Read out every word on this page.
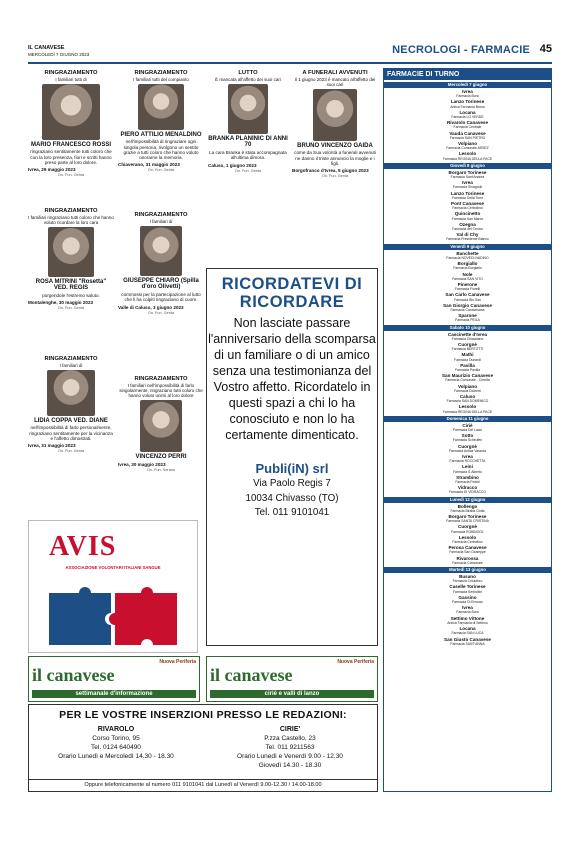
IL CANAVESE
MERCOLEDÌ 7 GIUGNO 2023	NECROLOGI - FARMACIE 45
RINGRAZIAMENTO
I familiari tutti di
MARIO FRANCESCO ROSSI
ringraziano sentitamente tutti coloro che con la loro presenza, fiori e scritti hanno preso parte al loro dolore.
Ivrea, 29 maggio 2023
On. Fun. Genta
RINGRAZIAMENTO
I familiari tutti del compianto
PIERO ATTILIO MENALDINO
nell'impossibilità di ringraziare ogni singola persona, rivolgono un sentito grazie a tutti coloro che hanno voluto onorarne la memoria.
Chiaverano, 31 maggio 2023
On. Fun. Genta
LUTTO
È mancata all'affetto dei suoi cari
BRANKA PLANINIC DI ANNI 70
La cara Branka è stata accompagnata all'ultima dimora.
Caluso, 1 giugno 2023
On. Fun. Genta
A FUNERALI AVVENUTI
Il 1 giugno 2023 è mancato all'affetto dei suoi cari
BRUNO VINCENZO GAIDA
come da Sua volontà a funerali avvenuti ne danno il triste annuncio la moglie e i figli.
Borgofranco d'Ivrea, 5 giugno 2023
On. Fun. Genta
RINGRAZIAMENTO
I familiari ringraziano tutti coloro che hanno voluto ricordare la loro cara
ROSA MITRINI "Rosetta" VED. REGIS
porgendole l'estremo saluto.
Montalenghe, 30 maggio 2023
On. Fun. Genta
RINGRAZIAMENTO
I familiari di
GIUSEPPE CHIARO (Spilla d'oro Olivetti)
commossi per la partecipazione al lutto che li ha colpiti ringraziano di cuore.
Valle di Caluso, 3 giugno 2023
On. Fun. Genta
RINGRAZIAMENTO
I familiari di
LIDIA COPPA VED. DIANE
nell'impossibilità di farlo personalmente, ringraziano sentitamente per la vicinanza e l'affetto dimostrati.
Ivrea, 31 maggio 2023
On. Fun. Genta
RINGRAZIAMENTO
I familiari nell'impossibilità di farlo singolarmente, ringraziano tutti coloro che hanno voluto unirsi al loro dolore
VINCENZO PERRI
Ivrea, 30 maggio 2023
On. Fun. Serano
RICORDATEVI DI RICORDARE
Non lasciate passare l'anniversario della scomparsa di un familiare o di un amico senza una testimonianza del Vostro affetto. Ricordatelo in questi spazi a chi lo ha conosciuto e non lo ha certamente dimenticato.
Publi(iN) srl
Via Paolo Regis 7
10034 Chivasso (TO)
Tel. 011 9101041
AVIS
ASSOCIAZIONE VOLONTARI ITALIANI SANGUE
Nuova Periferia
il canavese
settimanale d'informazione
Nuova Periferia
il canavese
cirié e valli di lanzo
PER LE VOSTRE INSERZIONI PRESSO LE REDAZIONI:
RIVAROLO
Corso Torino, 95
Tel. 0124 640490
Orario Lunedì e Mercoledì 14.30 - 18.30
CIRIE'
P.zza Castello, 23
Tel. 011 9211563
Orario Lunedì e Venerdì 9.00 - 12.30
Giovedì 14.30 - 18.30
Oppure telefonicamente al numero 011 9101041 dal Lunedì al Venerdì 9.00-12.30 / 14.00-18.00
FARMACIE DI TURNO
Mercoledì 7 giugno
Ivrea
Farmacia Bora
Lanzo Torinese
Antica Farmacia Bruno
Locana
Farmacia LO VERDE
Rivarolo Canavese
Farmacia Centrale
Vauda Canavese
Farmacia SAN PIETRO
Volpiano
Farmacia Comunale ASSEZ
Lessolo
Farmacia REGINA DELLA PACE
Giovedì 8 giugno
Borgaro Torinese
Farmacia Sant'Andrea
Ivrea
Farmacia Sinagnoli
Lanzo Torinese
Farmacia Della Torre
Pont Canavese
Farmacia Cerbollino
Quincinetto
Farmacia San Marco
Ozegna
Farmacia del Centro
Val di Chy
Farmacia Presidente Bianco
Venerdì 9 giugno
Banchette
Farmacia NOVEDI NADINO
Borgiallo
Farmacia Borgiallo
Nole
Farmacia SAN VITO
Pinerone
Farmacia Fiorelli
San Carlo Canavese
Farmacia Bin.San
San Giorgio Canavese
Farmacia Canavesana
Sparone
Farmacia PEILA
Sabato 10 giugno
Cascinette d'Ivrea
Farmacia Chiaudano
Cuorgnè
Farmacia BERTOTTI
Mathi
Farmacia Dunardi
Pavilla
Farmacia Pavilla
San Maurizio Canavese
Farmacia Comunale - Cerelta
Volpiano
Farmacia Diuberti
Caluso
Farmacia SAN DOMENICO
Lessolo
Farmacia REGINA DELLA PACE
Domenica 11 giugno
Ciriè
Farmacia Del Lacci
Sotto
Farmacia Scheufen
Cuorgnè
Farmacia Antica Vassola
Ivrea
Farmacia ROCCHETTA
Leini
Farmacia S.Alberto
Strambino
Farmacia Fedeli
Vidracco
Farmacia DI VIDRACCO
Lunedì 12 giugno
Bollengo
Farmacia Biraba Gotta
Borgaro Torinese
Farmacia SANTA CRISTINA
Cuorgnè
Farmacia ROBBIOGL
Lessolo
Farmacia Cerbollino
Perosa Canavese
Farmacia San Giuseppe
Rivarossa
Farmacia Comunale
Martedì 13 giugno
Busano
Farmacia Cristoforo
Caselle Torinese
Farmacia Serbollini
Gassino
Farmacia Di Ermoso
Ivrea
Farmacia Bora
Settimo Vittone
Antica Farmacia di Settimo
Locana
Farmacia SAN LUCA
San Giusto Canavese
Farmacia SANT'ANNA
